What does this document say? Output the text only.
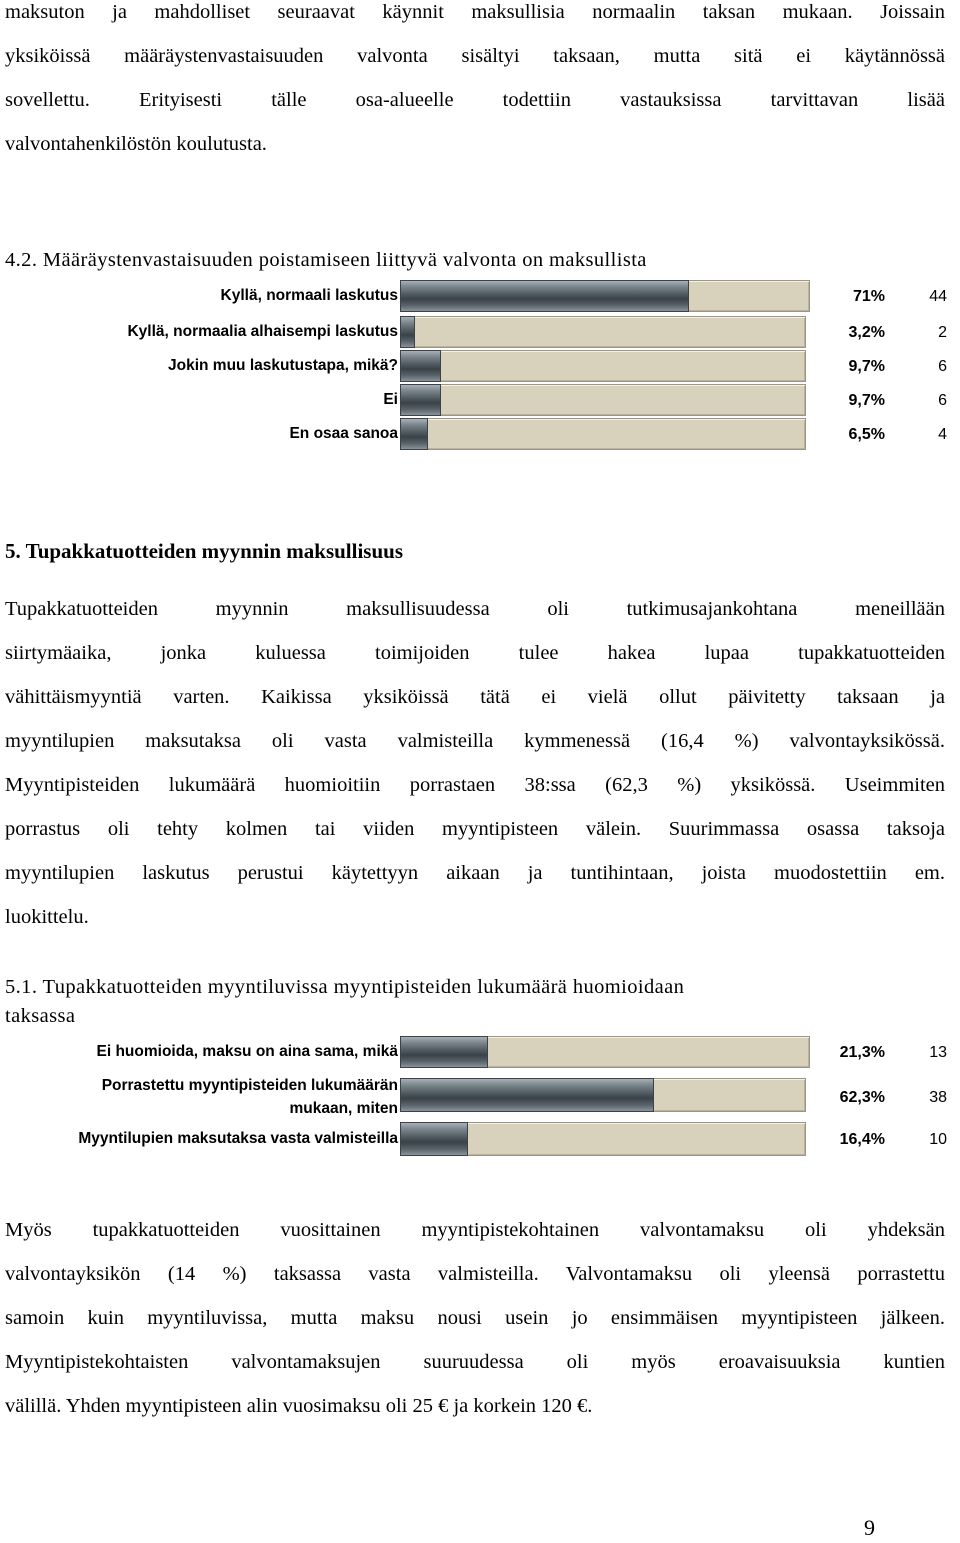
maksuton ja mahdolliset seuraavat käynnit maksullisia normaalin taksan mukaan. Joissain
yksiköissä määräystenvastaisuuden valvonta sisältyi taksaan, mutta sitä ei käytännössä
sovellettu. Erityisesti tälle osa-alueelle todettiin vastauksissa tarvittavan lisää
valvontahenkilöstön koulutusta.
4.2. Määräystenvastaisuuden poistamiseen liittyvä valvonta on maksullista
Kyllä, normaali laskutus	71%	44
Kyllä, normaalia alhaisempi laskutus	3,2%	2
Jokin muu laskutustapa, mikä?	9,7%	6
Ei	9,7%	6
En osaa sanoa	6,5%	4
5. Tupakkatuotteiden myynnin maksullisuus
Tupakkatuotteiden myynnin maksullisuudessa oli tutkimusajankohtana meneillään
siirtymäaika, jonka kuluessa toimijoiden tulee hakea lupaa tupakkatuotteiden
vähittäismyyntiä varten. Kaikissa yksiköissä tätä ei vielä ollut päivitetty taksaan ja
myyntilupien maksutaksa oli vasta valmisteilla kymmenessä (16,4 %) valvontayksikössä.
Myyntipisteiden lukumäärä huomioitiin porrastaen 38:ssa (62,3 %) yksikössä. Useimmiten
porrastus oli tehty kolmen tai viiden myyntipisteen välein. Suurimmassa osassa taksoja
myyntilupien laskutus perustui käytettyyn aikaan ja tuntihintaan, joista muodostettiin em.
luokittelu.
5.1. Tupakkatuotteiden myyntiluvissa myyntipisteiden lukumäärä huomioidaan
taksassa
Ei huomioida, maksu on aina sama, mikä	21,3%	13
Porrastettu myyntipisteiden lukumäärän
mukaan, miten
62,3%	38
Myyntilupien maksutaksa vasta valmisteilla	16,4%	10
Myös tupakkatuotteiden vuosittainen myyntipistekohtainen valvontamaksu oli yhdeksän
valvontayksikön (14 %) taksassa vasta valmisteilla. Valvontamaksu oli yleensä porrastettu
samoin kuin myyntiluvissa, mutta maksu nousi usein jo ensimmäisen myyntipisteen jälkeen.
Myyntipistekohtaisten valvontamaksujen suuruudessa oli myös eroavaisuuksia kuntien
välillä. Yhden myyntipisteen alin vuosimaksu oli 25 € ja korkein 120 €.
9
